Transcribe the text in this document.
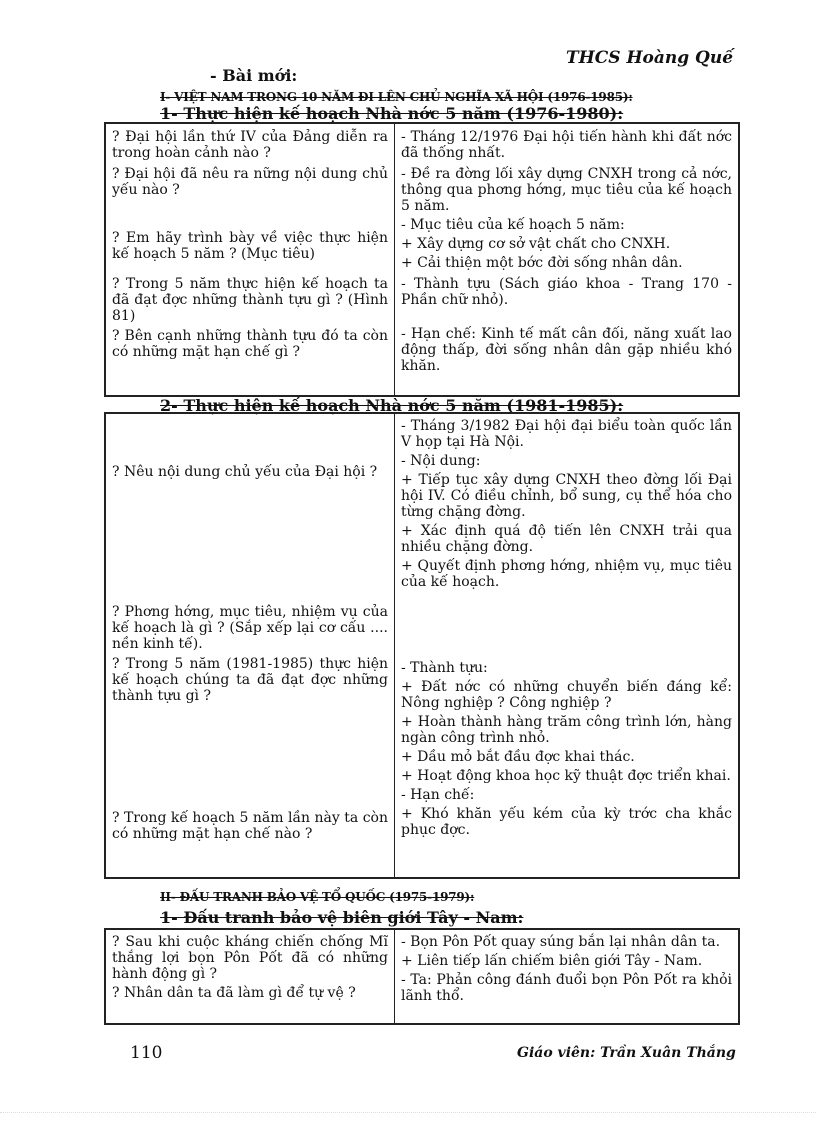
THCS Hoàng Quế
- Bài mới:
I- VIỆT NAM TRONG 10 NĂM ĐI LÊN CHỦ NGHĨA XÃ HỘI (1976-1985):
1- Thực hiện kế hoạch Nhà nớc 5 năm (1976-1980):

? Đại hội lần thứ IV của Đảng diễn ra trong hoàn cảnh nào ?

? Đại hội đã nêu ra nững nội dung chủ yếu nào ?

? Em hãy trình bày về việc thực hiện kế hoạch 5 năm ? (Mục tiêu)

? Trong 5 năm thực hiện kế hoạch ta đã đạt đợc những thành tựu gì ? (Hình 81)

? Bên cạnh những thành tựu đó ta còn có những mặt hạn chế gì ?

- Tháng 12/1976 Đại hội tiến hành khi đất nớc đã thống nhất.

- Đề ra đờng lối xây dựng CNXH trong cả nớc, thông qua phơng hớng, mục tiêu của kế hoạch 5 năm.

- Mục tiêu của kế hoạch 5 năm:

+ Xây dựng cơ sở vật chất cho CNXH.

+ Cải thiện một bớc đời sống nhân dân.

- Thành tựu (Sách giáo khoa - Trang 170 - Phần chữ nhỏ).

- Hạn chế: Kinh tế mất cân đối, năng xuất lao động thấp, đời sống nhân dân gặp nhiều khó khăn.

2- Thực hiện kế hoạch Nhà nớc 5 năm (1981-1985):

? Nêu nội dung chủ yếu của Đại hội ?

? Phơng hớng, mục tiêu, nhiệm vụ của kế hoạch là gì ? (Sắp xếp lại cơ cấu .... nền kinh tế).

? Trong 5 năm (1981-1985) thực hiện kế hoạch chúng ta đã đạt đợc những thành tựu gì ?

? Trong kế hoạch 5 năm lần này ta còn có những mặt hạn chế nào ?

- Tháng 3/1982 Đại hội đại biểu toàn quốc lần V họp tại Hà Nội.

- Nội dung:

+ Tiếp tục xây dựng CNXH theo đờng lối Đại hội IV. Có điều chỉnh, bổ sung, cụ thể hóa cho từng chặng đờng.

+ Xác định quá độ tiến lên CNXH trải qua nhiều chặng đờng.

+ Quyết định phơng hớng, nhiệm vụ, mục tiêu của kế hoạch.

- Thành tựu:

+ Đất nớc có những chuyển biến đáng kể: Nông nghiệp ? Công nghiệp ?

+ Hoàn thành hàng trăm công trình lớn, hàng ngàn công trình nhỏ.

+ Dầu mỏ bắt đầu đợc khai thác.

+ Hoạt động khoa học kỹ thuật đợc triển khai.

- Hạn chế:

+ Khó khăn yếu kém của kỳ trớc cha khắc phục đợc.

II- ĐẤU TRANH BẢO VỆ TỔ QUỐC (1975-1979):
1- Đấu tranh bảo vệ biên giới Tây - Nam:

? Sau khi cuộc kháng chiến chống Mĩ thắng lợi bọn Pôn Pốt đã có những hành động gì ?

? Nhân dân ta đã làm gì để tự vệ ?

- Bọn Pôn Pốt quay súng bắn lại nhân dân ta.

+ Liên tiếp lấn chiếm biên giới Tây - Nam.

- Ta: Phản công đánh đuổi bọn Pôn Pốt ra khỏi lãnh thổ.

110	Giáo viên: Trần Xuân Thắng
